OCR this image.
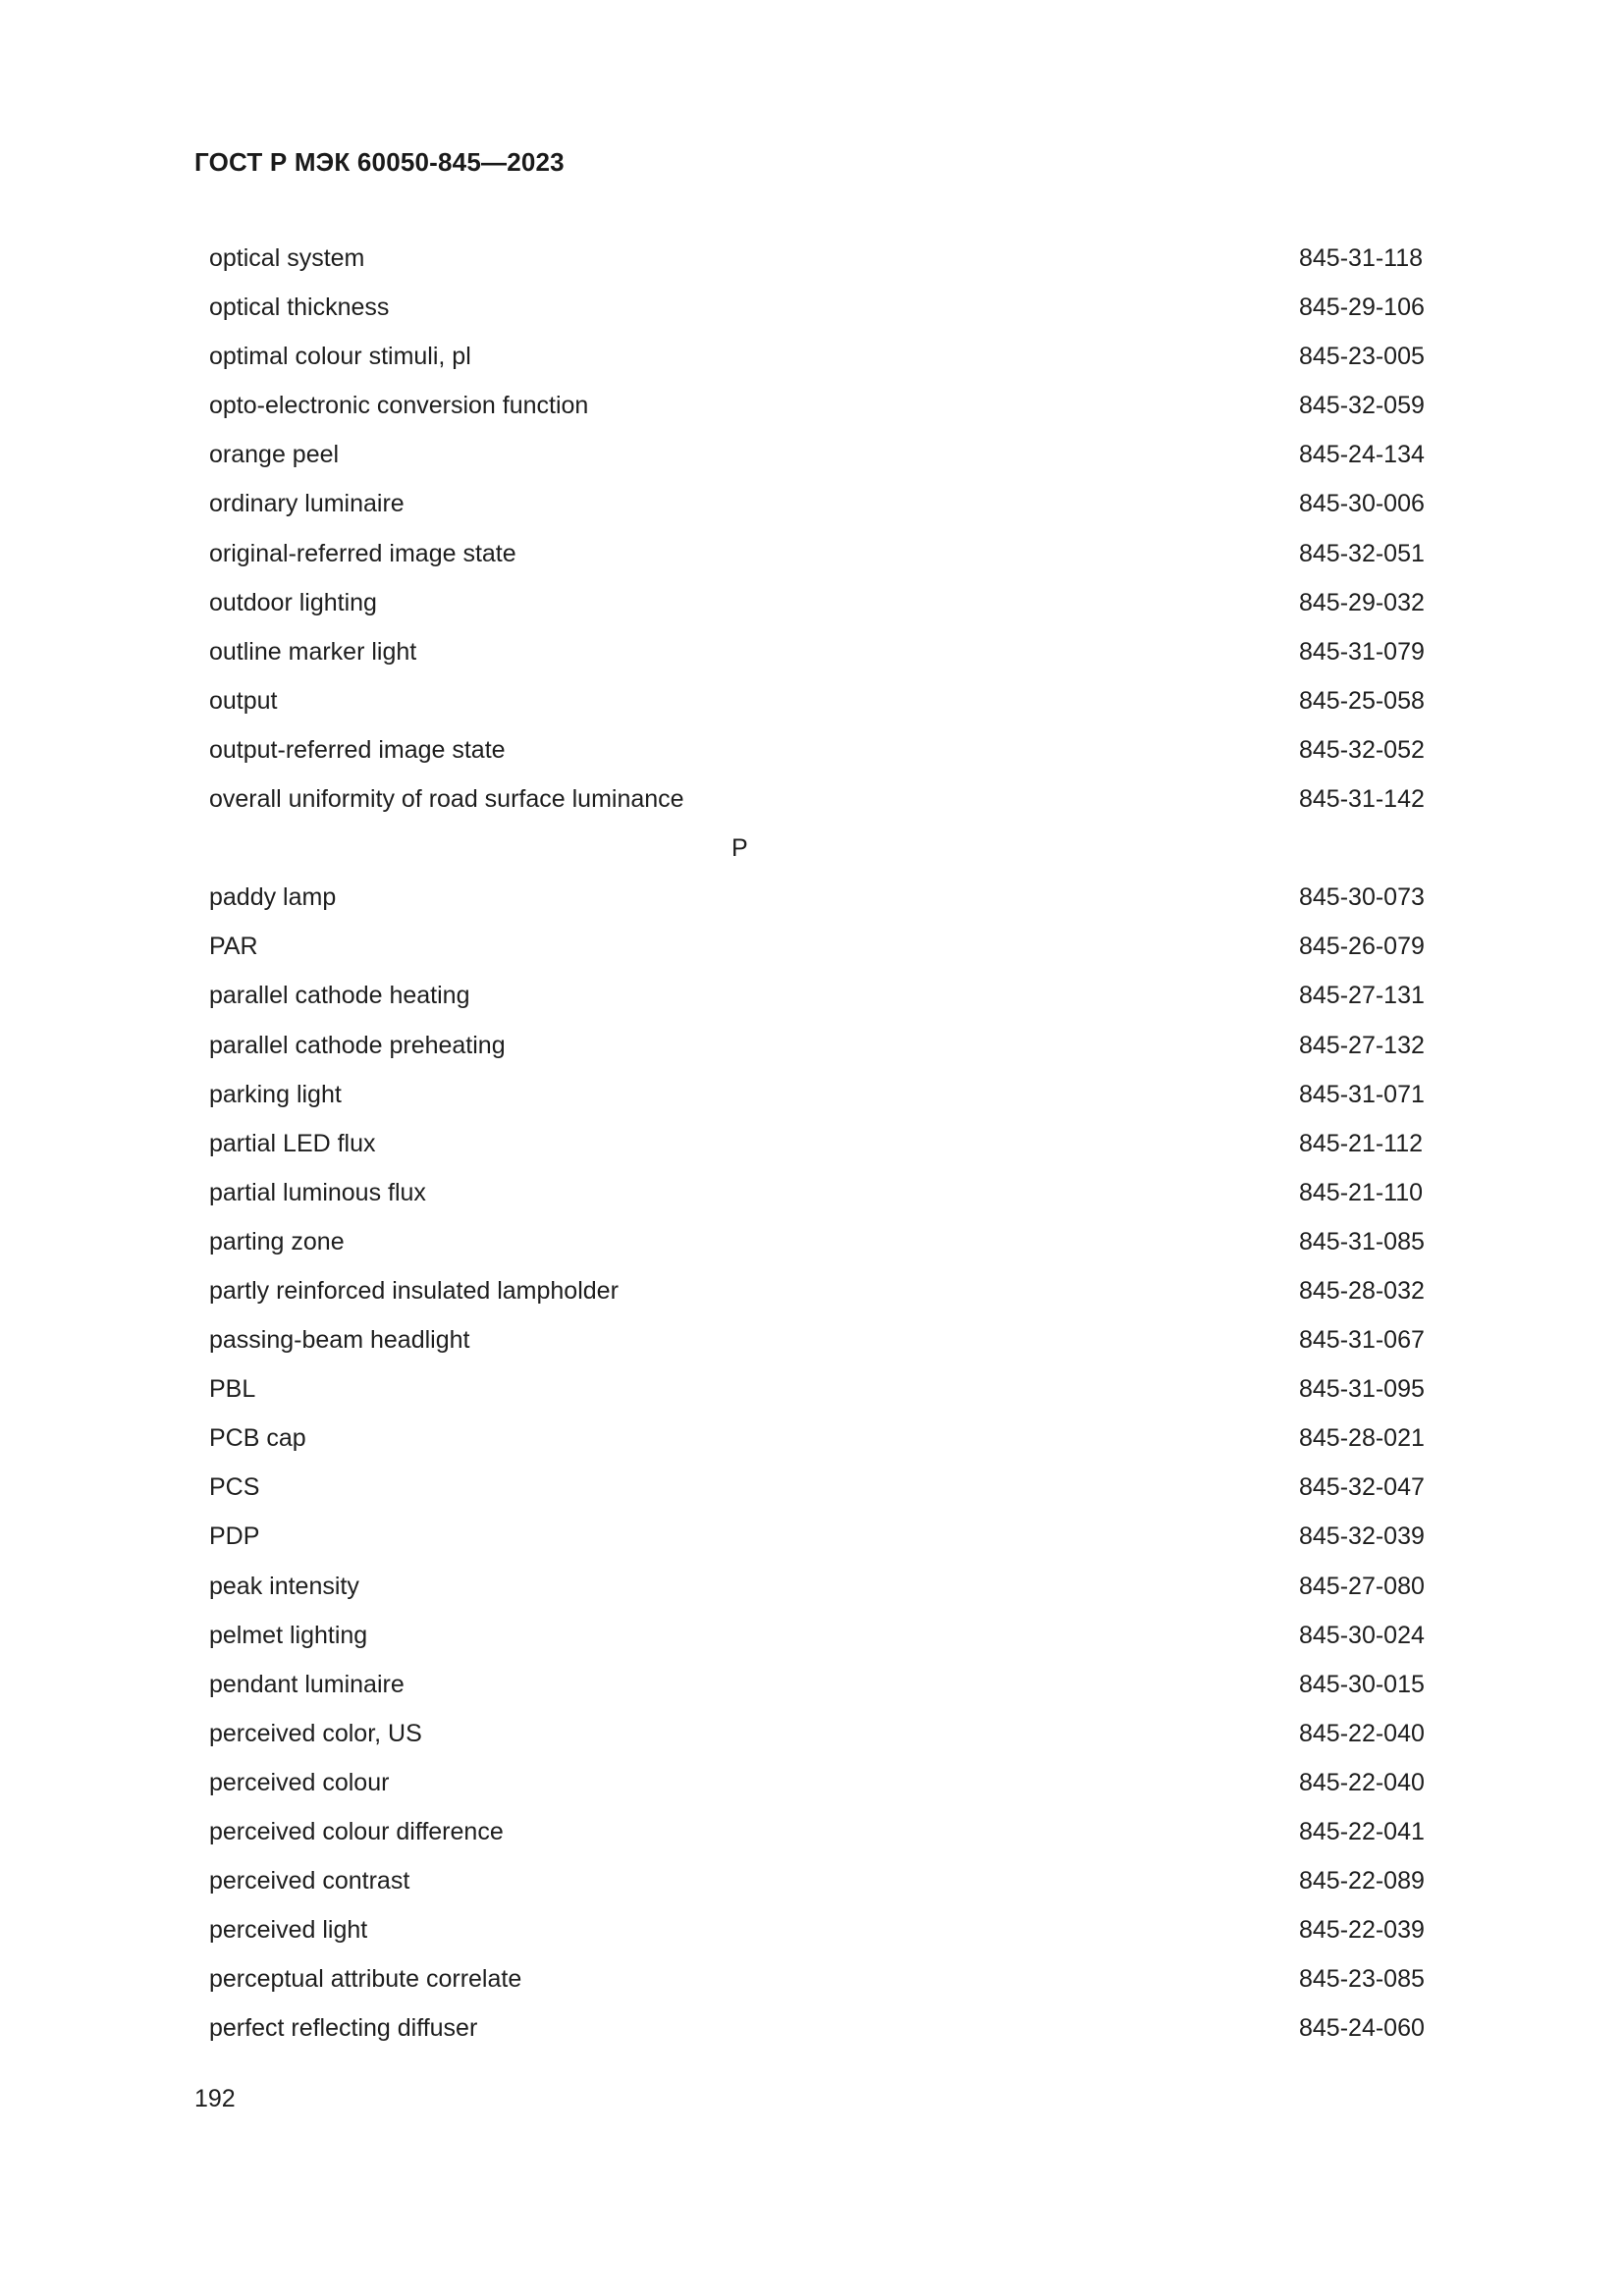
ГОСТ Р МЭК 60050-845—2023
optical system	845-31-118
optical thickness	845-29-106
optimal colour stimuli, pl	845-23-005
opto-electronic conversion function	845-32-059
orange peel	845-24-134
ordinary luminaire	845-30-006
original-referred image state	845-32-051
outdoor lighting	845-29-032
outline marker light	845-31-079
output	845-25-058
output-referred image state	845-32-052
overall uniformity of road surface luminance	845-31-142
P
paddy lamp	845-30-073
PAR	845-26-079
parallel cathode heating	845-27-131
parallel cathode preheating	845-27-132
parking light	845-31-071
partial LED flux	845-21-112
partial luminous flux	845-21-110
parting zone	845-31-085
partly reinforced insulated lampholder	845-28-032
passing-beam headlight	845-31-067
PBL	845-31-095
PCB cap	845-28-021
PCS	845-32-047
PDP	845-32-039
peak intensity	845-27-080
pelmet lighting	845-30-024
pendant luminaire	845-30-015
perceived color, US	845-22-040
perceived colour	845-22-040
perceived colour difference	845-22-041
perceived contrast	845-22-089
perceived light	845-22-039
perceptual attribute correlate	845-23-085
perfect reflecting diffuser	845-24-060
192
